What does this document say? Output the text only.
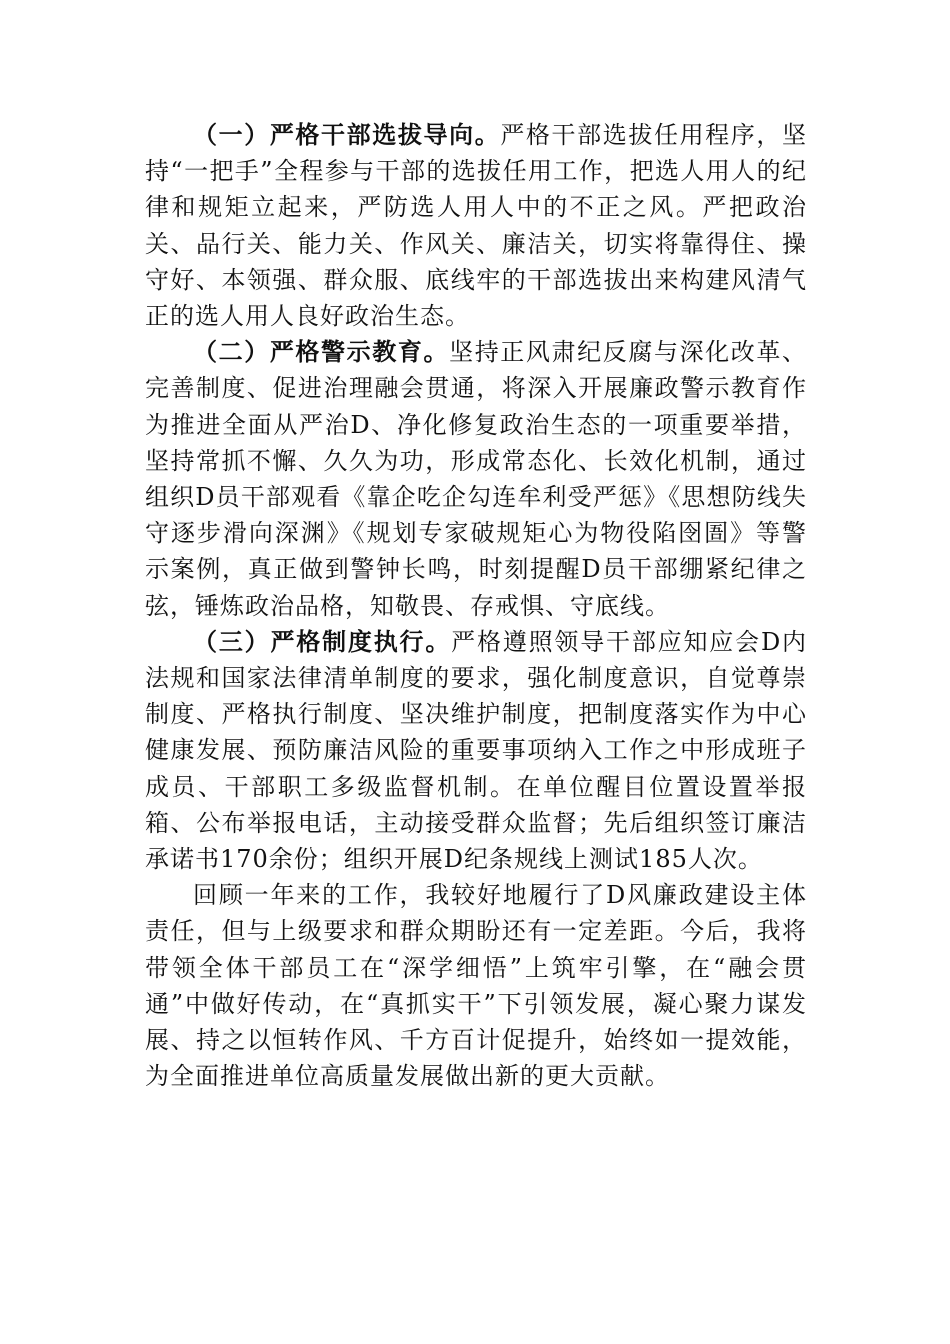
（一）严格干部选拔导向。严格干部选拔任用程序，坚持“一把手”全程参与干部的选拔任用工作，把选人用人的纪律和规矩立起来，严防选人用人中的不正之风。严把政治关、品行关、能力关、作风关、廉洁关，切实将靠得住、操守好、本领强、群众服、底线牢的干部选拔出来构建风清气正的选人用人良好政治生态。

（二）严格警示教育。坚持正风肃纪反腐与深化改革、完善制度、促进治理融会贯通，将深入开展廉政警示教育作为推进全面从严治D、净化修复政治生态的一项重要举措，坚持常抓不懈、久久为功，形成常态化、长效化机制，通过组织D员干部观看《靠企吃企勾连牟利受严惩》《思想防线失守逐步滑向深渊》《规划专家破规矩心为物役陷囹圄》等警示案例，真正做到警钟长鸣，时刻提醒D员干部绷紧纪律之弦，锤炼政治品格，知敬畏、存戒惧、守底线。

（三）严格制度执行。严格遵照领导干部应知应会D内法规和国家法律清单制度的要求，强化制度意识，自觉尊崇制度、严格执行制度、坚决维护制度，把制度落实作为中心健康发展、预防廉洁风险的重要事项纳入工作之中形成班子成员、干部职工多级监督机制。在单位醒目位置设置举报箱、公布举报电话，主动接受群众监督；先后组织签订廉洁承诺书170余份；组织开展D纪条规线上测试185人次。

回顾一年来的工作，我较好地履行了D风廉政建设主体责任，但与上级要求和群众期盼还有一定差距。今后，我将带领全体干部员工在“深学细悟”上筑牢引擎，在“融会贯通”中做好传动，在“真抓实干”下引领发展，凝心聚力谋发展、持之以恒转作风、千方百计促提升，始终如一提效能，为全面推进单位高质量发展做出新的更大贡献。
